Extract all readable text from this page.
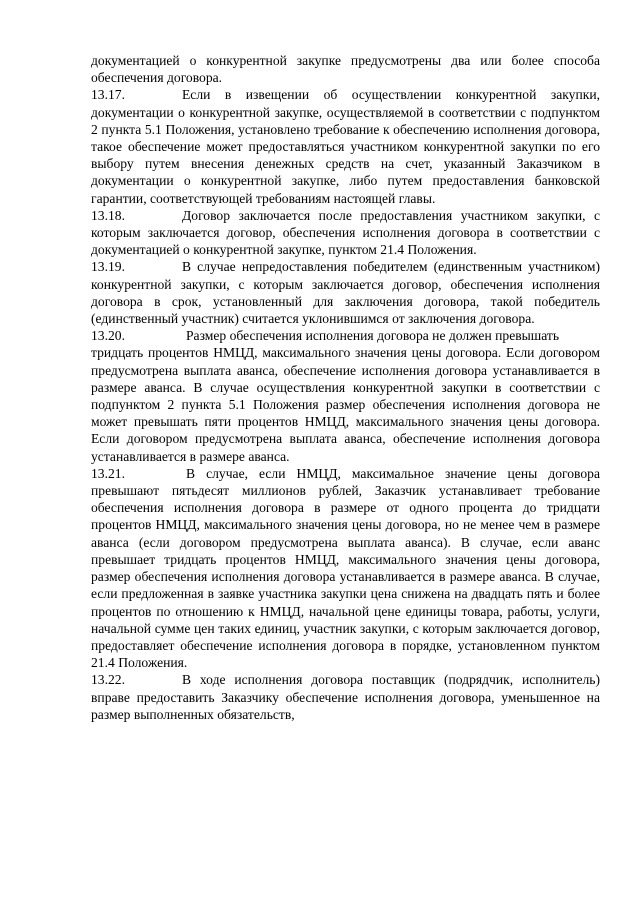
документацией о конкурентной закупке предусмотрены два или более способа обеспечения договора.

13.17.	Если в извещении об осуществлении конкурентной закупки, документации о конкурентной закупке, осуществляемой в соответствии с подпунктом 2 пункта 5.1 Положения, установлено требование к обеспечению исполнения договора, такое обеспечение может предоставляться участником конкурентной закупки по его выбору путем внесения денежных средств на счет, указанный Заказчиком в документации о конкурентной закупке, либо путем предоставления банковской гарантии, соответствующей требованиям настоящей главы.

13.18.	Договор заключается после предоставления участником закупки, с которым заключается договор, обеспечения исполнения договора в соответствии с документацией о конкурентной закупке, пунктом 21.4 Положения.

13.19.	В случае непредоставления победителем (единственным участником) конкурентной закупки, с которым заключается договор, обеспечения исполнения договора в срок, установленный для заключения договора, такой победитель (единственный участник) считается уклонившимся от заключения договора.

13.20.	Размер обеспечения исполнения договора не должен превышать

тридцать процентов НМЦД, максимального значения цены договора. Если договором предусмотрена выплата аванса, обеспечение исполнения договора устанавливается в размере аванса. В случае осуществления конкурентной закупки в соответствии с подпунктом 2 пункта 5.1 Положения размер обеспечения исполнения договора не может превышать пяти процентов НМЦД, максимального значения цены договора. Если договором предусмотрена выплата аванса, обеспечение исполнения договора устанавливается в размере аванса.

13.21.	В случае, если НМЦД, максимальное значение цены договора превышают пятьдесят миллионов рублей, Заказчик устанавливает требование обеспечения исполнения договора в размере от одного процента до тридцати процентов НМЦД, максимального значения цены договора, но не менее чем в размере аванса (если договором предусмотрена выплата аванса). В случае, если аванс превышает тридцать процентов НМЦД, максимального значения цены договора, размер обеспечения исполнения договора устанавливается в размере аванса. В случае, если предложенная в заявке участника закупки цена снижена на двадцать пять и более процентов по отношению к НМЦД, начальной цене единицы товара, работы, услуги, начальной сумме цен таких единиц, участник закупки, с которым заключается договор, предоставляет обеспечение исполнения договора в порядке, установленном пунктом 21.4 Положения.

13.22.	В ходе исполнения договора поставщик (подрядчик, исполнитель) вправе предоставить Заказчику обеспечение исполнения договора, уменьшенное на размер выполненных обязательств,
